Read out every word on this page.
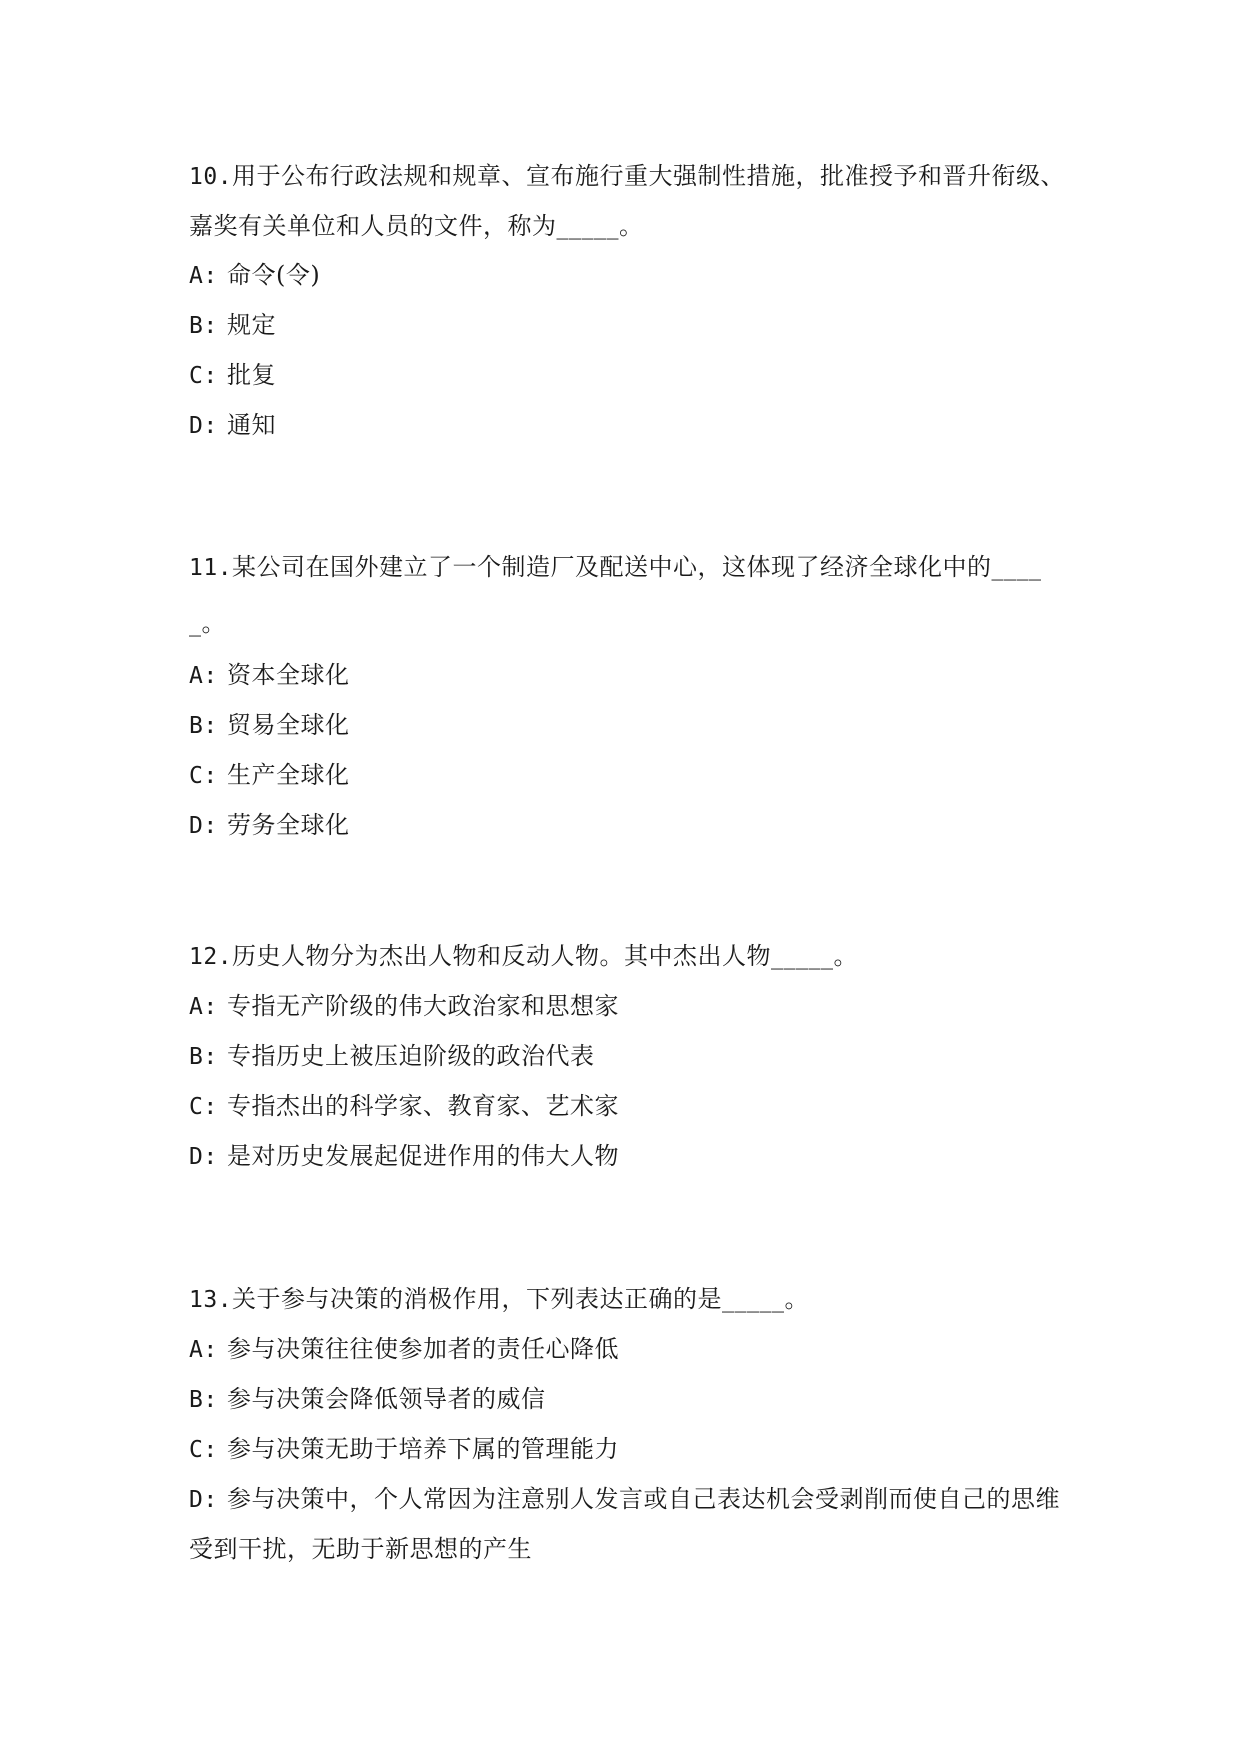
10.用于公布行政法规和规章、宣布施行重大强制性措施，批准授予和晋升衔级、嘉奖有关单位和人员的文件，称为_____。

A: 命令(令)

B: 规定

C: 批复

D: 通知

11.某公司在国外建立了一个制造厂及配送中心，这体现了经济全球化中的_____。

A: 资本全球化

B: 贸易全球化

C: 生产全球化

D: 劳务全球化

12.历史人物分为杰出人物和反动人物。其中杰出人物_____。

A: 专指无产阶级的伟大政治家和思想家

B: 专指历史上被压迫阶级的政治代表

C: 专指杰出的科学家、教育家、艺术家

D: 是对历史发展起促进作用的伟大人物

13.关于参与决策的消极作用，下列表达正确的是_____。

A: 参与决策往往使参加者的责任心降低

B: 参与决策会降低领导者的威信

C: 参与决策无助于培养下属的管理能力

D: 参与决策中，个人常因为注意别人发言或自己表达机会受剥削而使自己的思维受到干扰，无助于新思想的产生
